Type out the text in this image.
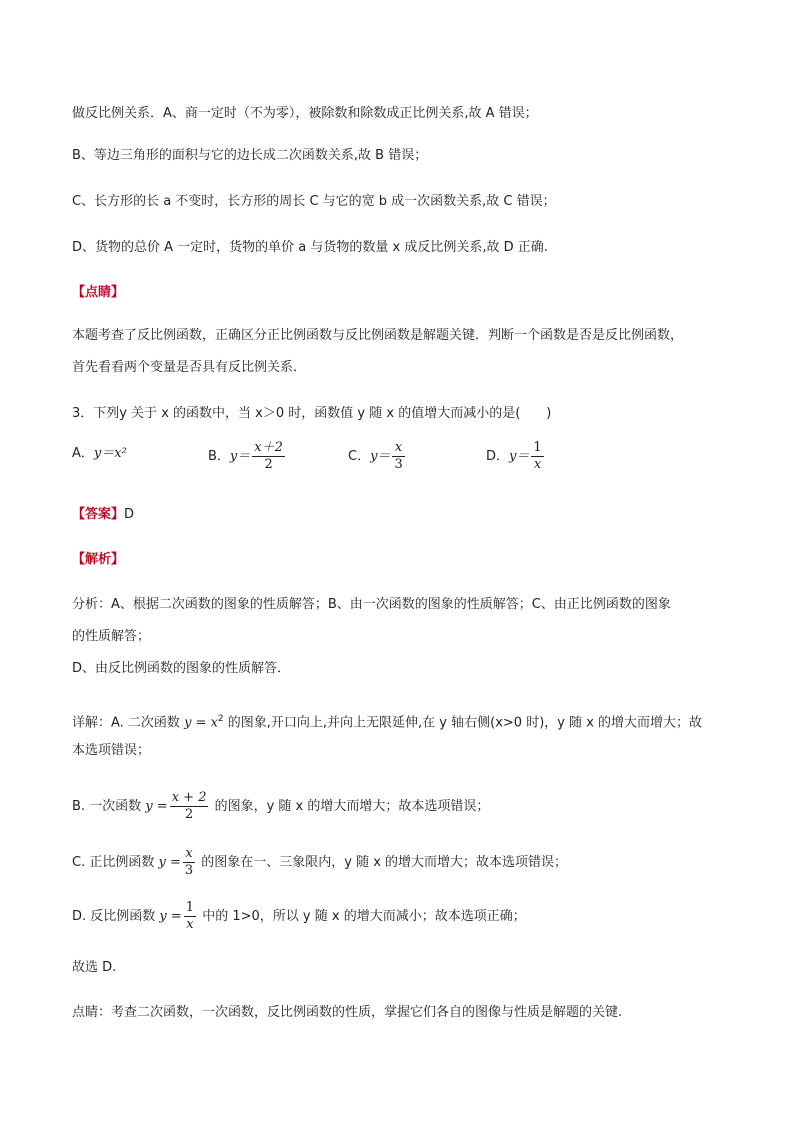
做反比例关系．A、商一定时（不为零），被除数和除数成正比例关系,故 A 错误；
B、等边三角形的面积与它的边长成二次函数关系,故 B 错误；
C、长方形的长 a 不变时，长方形的周长 C 与它的宽 b 成一次函数关系,故 C 错误；
D、货物的总价 A 一定时，货物的单价 a 与货物的数量 x 成反比例关系,故 D 正确.
【点睛】
本题考查了反比例函数，正确区分正比例函数与反比例函数是解题关键．判断一个函数是否是反比例函数，
首先看看两个变量是否具有反比例关系．
3．下列y 关于 x 的函数中，当 x＞0 时，函数值 y 随 x 的值增大而减小的是(　　)
A．y＝x²	B．$y= \frac{x+2}{2}$	C．$y= \frac{x}{3}$	D．$y= \frac{1}{x}$
【答案】D
【解析】
分析：A、根据二次函数的图象的性质解答；B、由一次函数的图象的性质解答；C、由正比例函数的图象
的性质解答；
D、由反比例函数的图象的性质解答．
详解：A. 二次函数 $y = x^2$ 的图象,开口向上,并向上无限延伸,在 y 轴右侧(x>0 时)，y 随 x 的增大而增大；故
本选项错误；
B. 一次函数 $y = \frac{x + 2}{2}$ 的图象，y 随 x 的增大而增大；故本选项错误；
C. 正比例函数 $y = \frac{x}{3}$ 的图象在一、三象限内，y 随 x 的增大而增大；故本选项错误；
D. 反比例函数 $y = \frac{1}{x}$ 中的 1>0，所以 y 随 x 的增大而减小；故本选项正确；
故选 D.
点睛：考查二次函数，一次函数，反比例函数的性质，掌握它们各自的图像与性质是解题的关键.
